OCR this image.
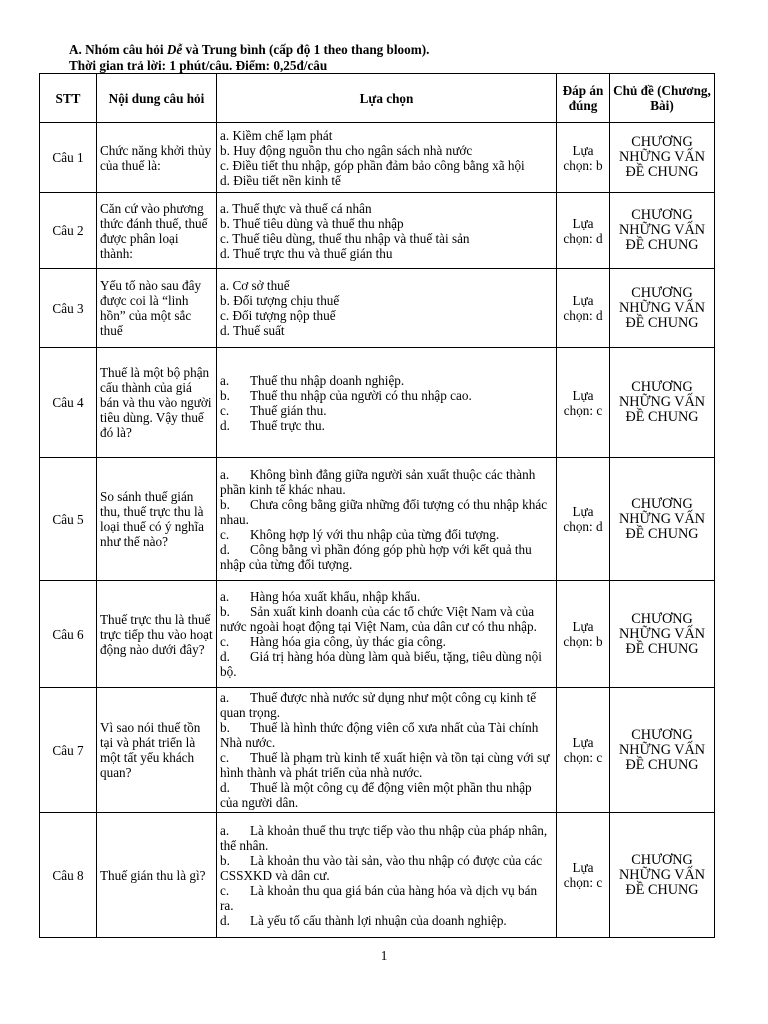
A. Nhóm câu hỏi Dễ và Trung bình (cấp độ 1 theo thang bloom).
Thời gian trả lời: 1 phút/câu. Điểm: 0,25đ/câu
STT	Nội dung câu hỏi	Lựa chọn	Đáp án đúng	Chủ đề (Chương, Bài)
Câu 1	Chức năng khởi thủy của thuế là:	a. Kiềm chế lạm phát
b. Huy động nguồn thu cho ngân sách nhà nước
c. Điều tiết thu nhập, góp phần đảm bảo công bằng xã hội
d. Điều tiết nền kinh tế	Lựa chọn: b	CHƯƠNG NHỮNG VẤN ĐỀ CHUNG
Câu 2	Căn cứ vào phương thức đánh thuế, thuế được phân loại thành:	a. Thuế thực và thuế cá nhân
b. Thuế tiêu dùng và thuế thu nhập
c. Thuế tiêu dùng, thuế thu nhập và thuế tài sản
d. Thuế trực thu và thuế gián thu	Lựa chọn: d	CHƯƠNG NHỮNG VẤN ĐỀ CHUNG
Câu 3	Yếu tố nào sau đây được coi là “linh hồn” của một sắc thuế	a. Cơ sở thuế
b. Đối tượng chịu thuế
c. Đối tượng nộp thuế
d. Thuế suất	Lựa chọn: d	CHƯƠNG NHỮNG VẤN ĐỀ CHUNG
Câu 4	Thuế là một bộ phận cấu thành của giá bán và thu vào người tiêu dùng. Vậy thuế đó là?	a. Thuế thu nhập doanh nghiệp.
b. Thuế thu nhập của người có thu nhập cao.
c. Thuế gián thu.
d. Thuế trực thu.	Lựa chọn: c	CHƯƠNG NHỮNG VẤN ĐỀ CHUNG
Câu 5	So sánh thuế gián thu, thuế trực thu là loại thuế có ý nghĩa như thế nào?	a. Không bình đẳng giữa người sản xuất thuộc các thành phần kinh tế khác nhau.
b. Chưa công bằng giữa những đối tượng có thu nhập khác nhau.
c. Không hợp lý với thu nhập của từng đối tượng.
d. Công bằng vì phần đóng góp phù hợp với kết quả thu nhập của từng đối tượng.	Lựa chọn: d	CHƯƠNG NHỮNG VẤN ĐỀ CHUNG
Câu 6	Thuế trực thu là thuế trực tiếp thu vào hoạt động nào dưới đây?	a. Hàng hóa xuất khẩu, nhập khẩu.
b. Sản xuất kinh doanh của các tổ chức Việt Nam và của nước ngoài hoạt động tại Việt Nam, của dân cư có thu nhập.
c. Hàng hóa gia công, ủy thác gia công.
d. Giá trị hàng hóa dùng làm quà biếu, tặng, tiêu dùng nội bộ.	Lựa chọn: b	CHƯƠNG NHỮNG VẤN ĐỀ CHUNG
Câu 7	Vì sao nói thuế tồn tại và phát triển là một tất yếu khách quan?	a. Thuế được nhà nước sử dụng như một công cụ kinh tế quan trọng.
b. Thuế là hình thức động viên cổ xưa nhất của Tài chính Nhà nước.
c. Thuế là phạm trù kinh tế xuất hiện và tồn tại cùng với sự hình thành và phát triển của nhà nước.
d. Thuế là một công cụ để động viên một phần thu nhập của người dân.	Lựa chọn: c	CHƯƠNG NHỮNG VẤN ĐỀ CHUNG
Câu 8	Thuế gián thu là gì?	a. Là khoản thuế thu trực tiếp vào thu nhập của pháp nhân, thể nhân.
b. Là khoản thu vào tài sản, vào thu nhập có được của các CSSXKD và dân cư.
c. Là khoản thu qua giá bán của hàng hóa và dịch vụ bán ra.
d. Là yếu tố cấu thành lợi nhuận của doanh nghiệp.	Lựa chọn: c	CHƯƠNG NHỮNG VẤN ĐỀ CHUNG
1
